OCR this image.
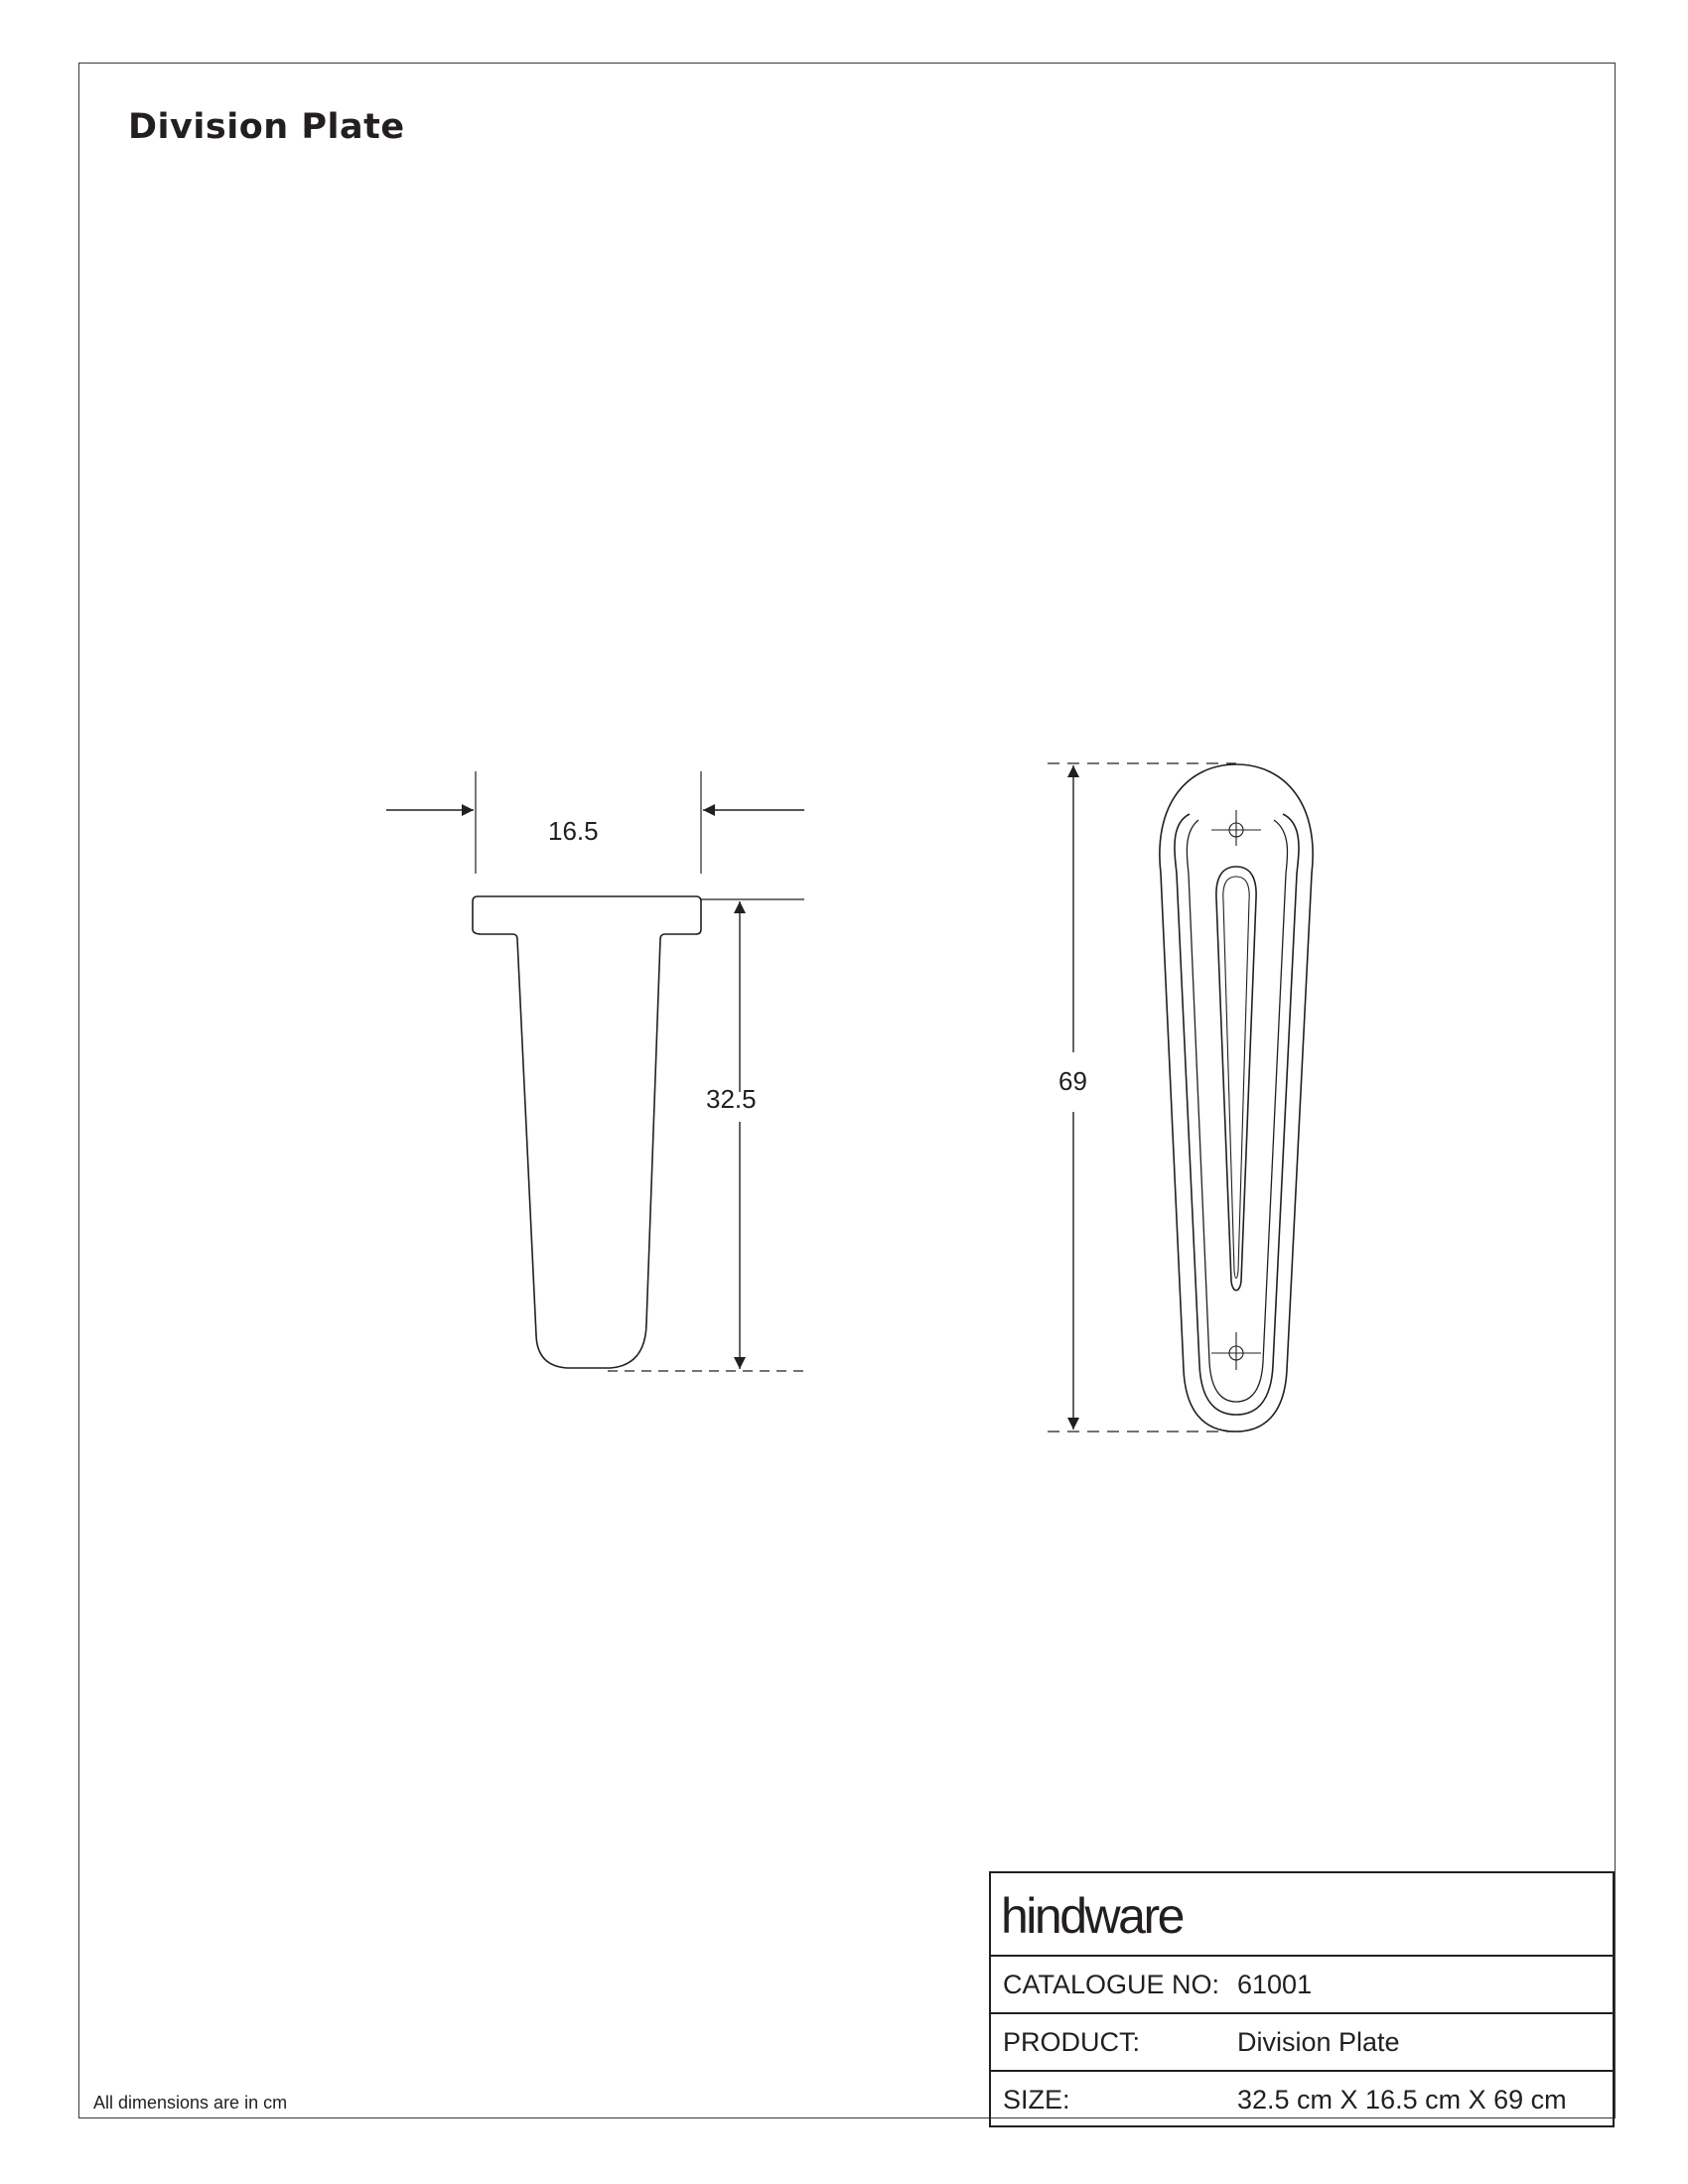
Division Plate
16.5
32.5
69
All dimensions are in cm
hindware
CATALOGUE NO: 61001
PRODUCT:	Division Plate
SIZE:	32.5 cm X 16.5 cm X 69 cm
